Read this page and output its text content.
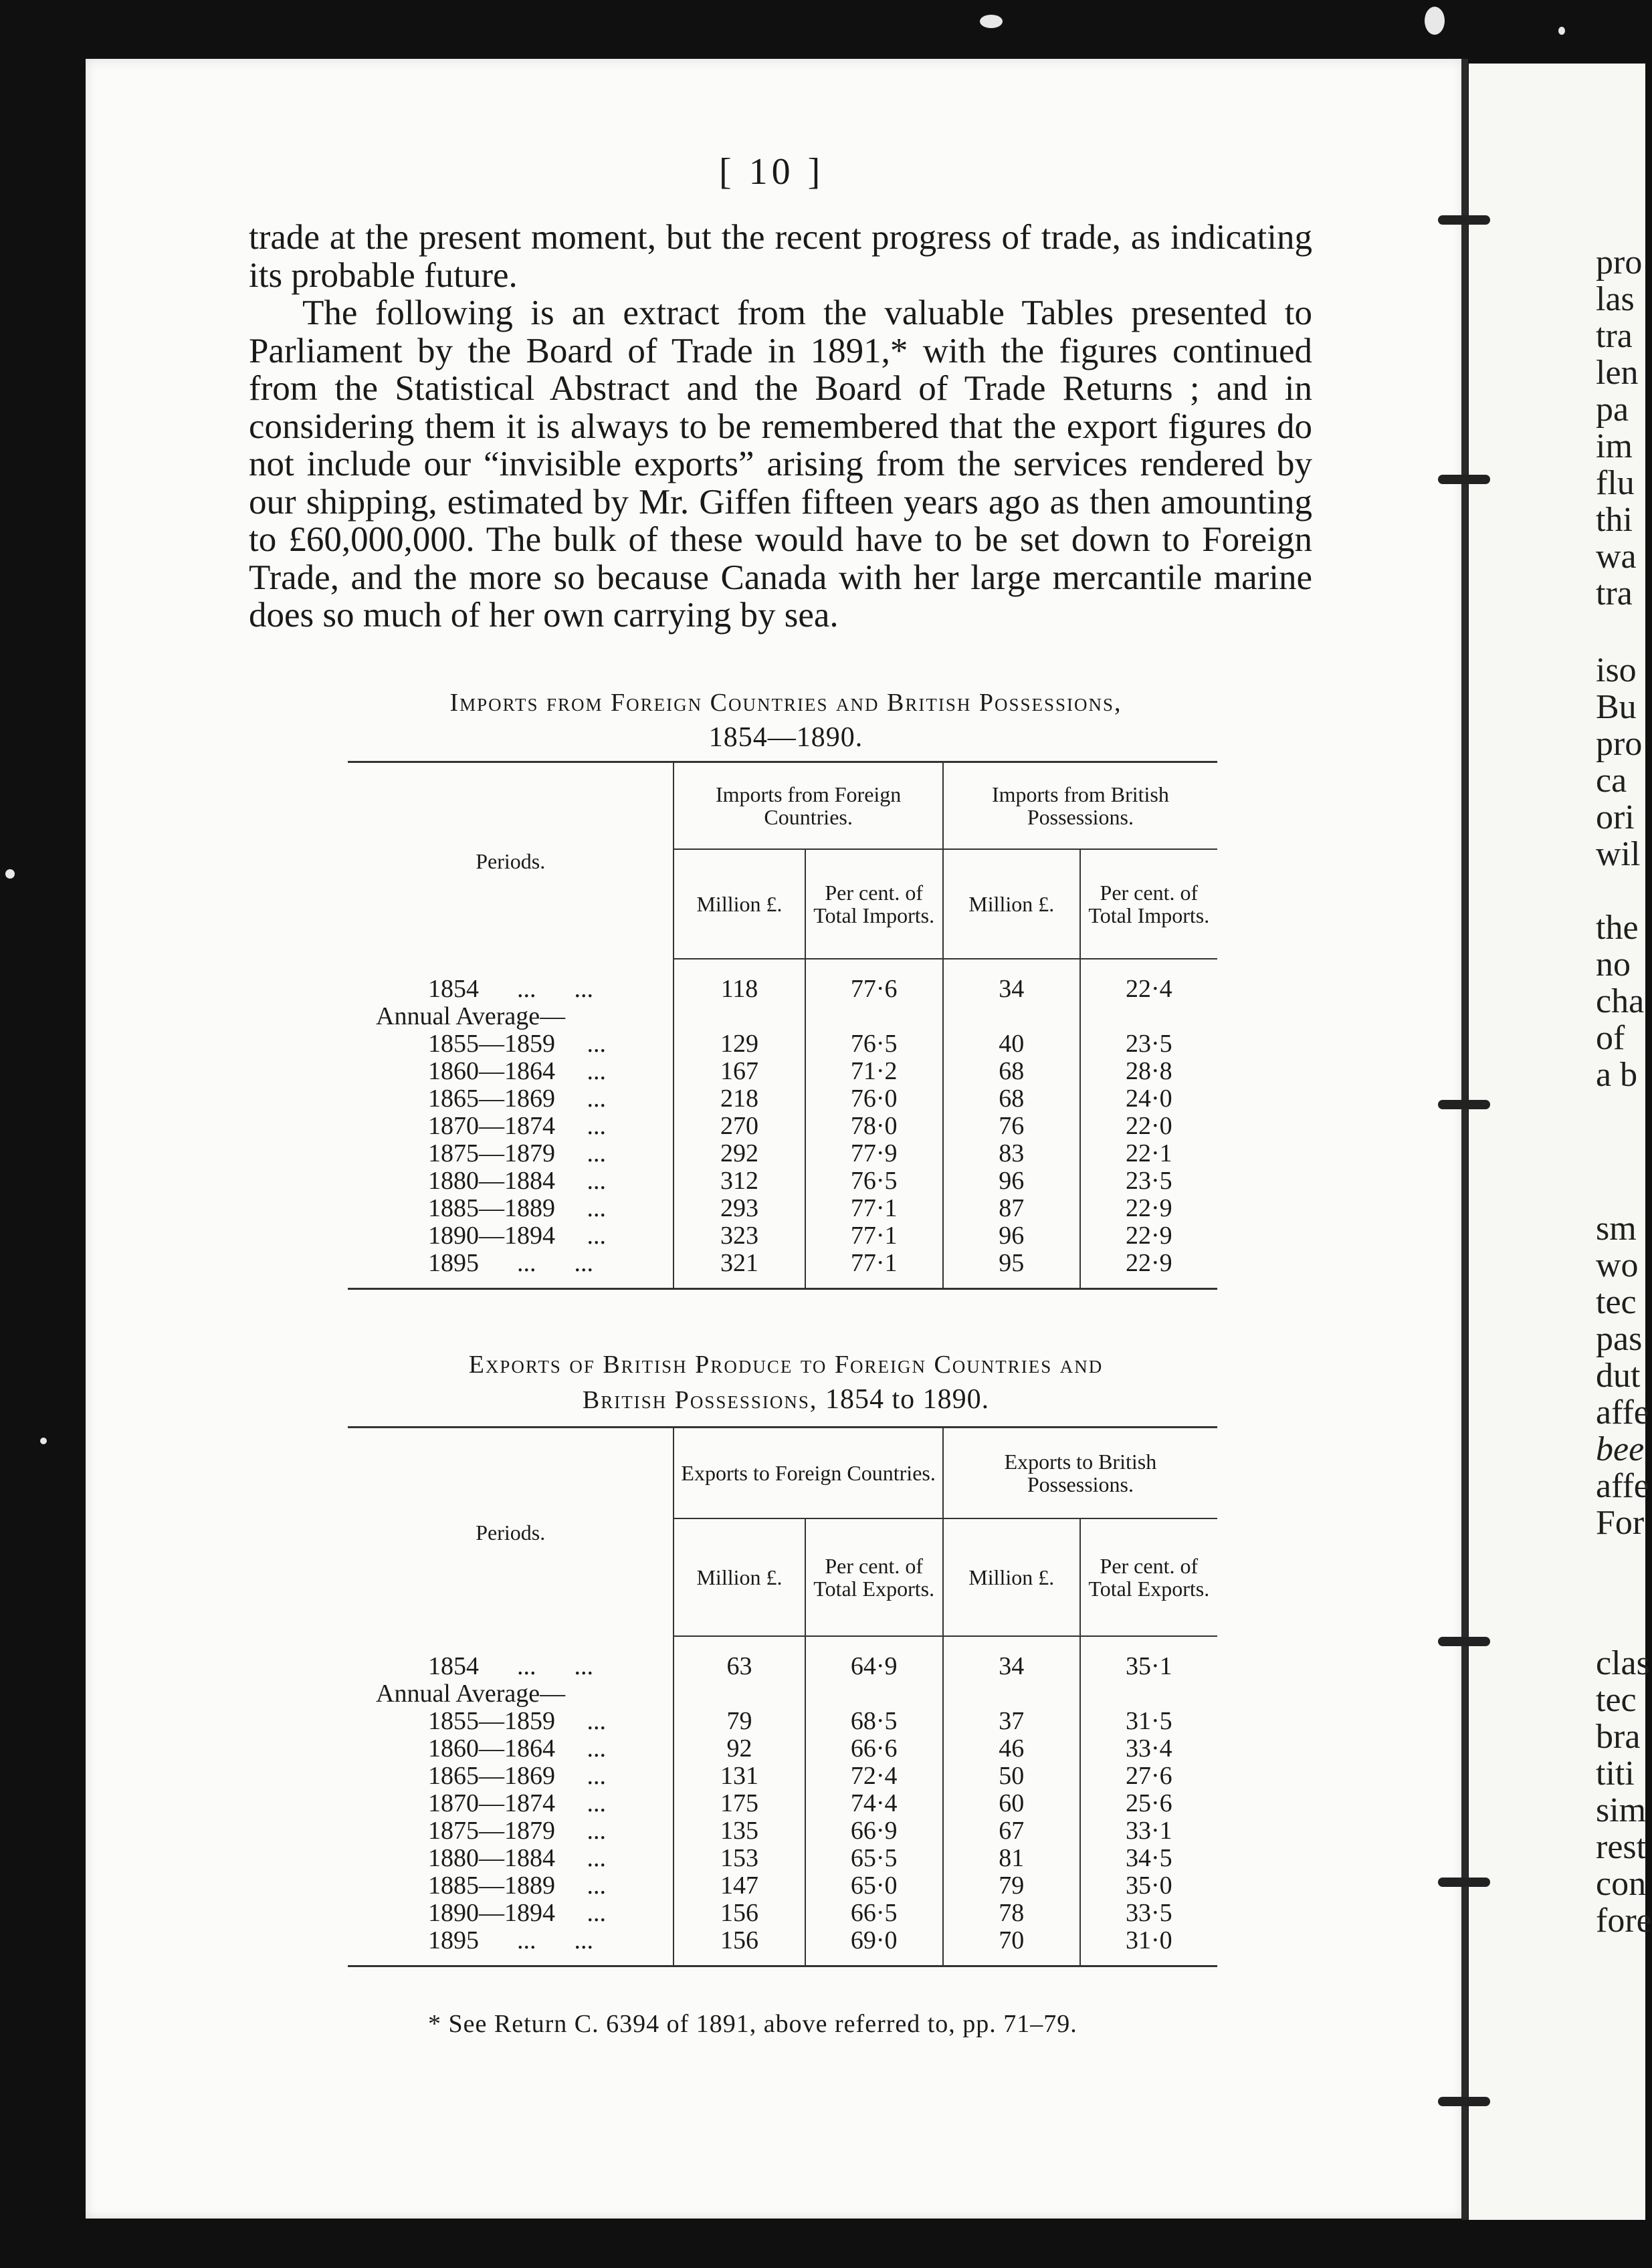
pro
las
tra
len
pa
im
flu
thi
wa
tra
iso
Bu
pro
ca
ori
wil
the
no
cha
of
a b
sm
wo
tec
pas
dut
affe
bee
affe
For
clas
tec
bra
titi
sim
rest
con
fore
[ 10 ]

trade at the present moment, but the recent progress of trade, as indicating its probable future.

The following is an extract from the valuable Tables presented to Parliament by the Board of Trade in 1891,* with the figures continued from the Statistical Abstract and the Board of Trade Returns ; and in considering them it is always to be remembered that the export figures do not include our “invisible exports” arising from the services rendered by our shipping, estimated by Mr. Giffen fifteen years ago as then amounting to £60,000,000. The bulk of these would have to be set down to Foreign Trade, and the more so because Canada with her large mercantile marine does so much of her own carrying by sea.

Imports from Foreign Countries and British Possessions,
1854—1890.
Periods.	Imports from Foreign Countries.		Imports from British Possessions.	
	Million £.	Per cent. of Total Imports.	Million £.	Per cent. of Total Imports.
1854      ...      ...	118	77·6	34	22·4
Annual Average—				
1855—1859     ...	129	76·5	40	23·5
1860—1864     ...	167	71·2	68	28·8
1865—1869     ...	218	76·0	68	24·0
1870—1874     ...	270	78·0	76	22·0
1875—1879     ...	292	77·9	83	22·1
1880—1884     ...	312	76·5	96	23·5
1885—1889     ...	293	77·1	87	22·9
1890—1894     ...	323	77·1	96	22·9
1895      ...      ...	321	77·1	95	22·9
Exports of British Produce to Foreign Countries and
British Possessions, 1854 to 1890.
Periods.	Exports to Foreign Countries.		Exports to British Possessions.	
	Million £.	Per cent. of Total Exports.	Million £.	Per cent. of Total Exports.
1854      ...      ...	63	64·9	34	35·1
Annual Average—				
1855—1859     ...	79	68·5	37	31·5
1860—1864     ...	92	66·6	46	33·4
1865—1869     ...	131	72·4	50	27·6
1870—1874     ...	175	74·4	60	25·6
1875—1879     ...	135	66·9	67	33·1
1880—1884     ...	153	65·5	81	34·5
1885—1889     ...	147	65·0	79	35·0
1890—1894     ...	156	66·5	78	33·5
1895      ...      ...	156	69·0	70	31·0
* See Return C. 6394 of 1891, above referred to, pp. 71–79.
